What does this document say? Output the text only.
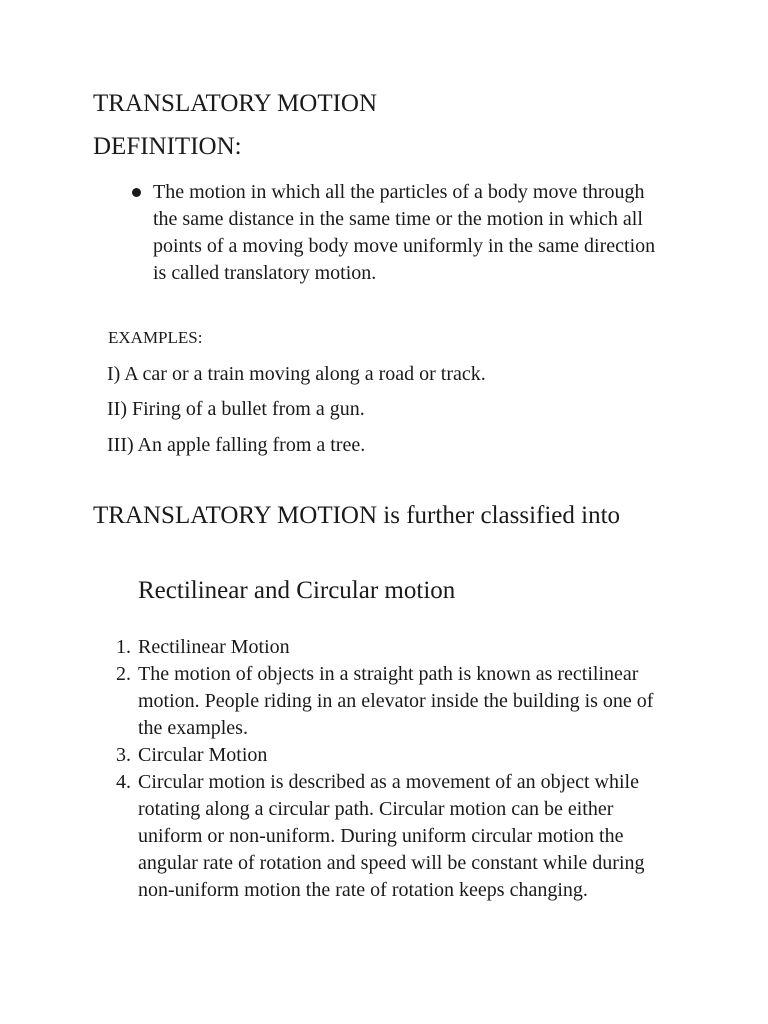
TRANSLATORY MOTION
DEFINITION:
The motion in which all the particles of a body move through the same distance in the same time or the motion in which all points of a moving body move uniformly in the same direction is called translatory motion.

EXAMPLES:

I) A car or a train moving along a road or track.

II) Firing of a bullet from a gun.

III) An apple falling from a tree.

TRANSLATORY MOTION is further classified into

Rectilinear and Circular motion

1. Rectilinear Motion
2. The motion of objects in a straight path is known as rectilinear motion. People riding in an elevator inside the building is one of the examples.
3. Circular Motion
4. Circular motion is described as a movement of an object while rotating along a circular path. Circular motion can be either uniform or non-uniform. During uniform circular motion the angular rate of rotation and speed will be constant while during non-uniform motion the rate of rotation keeps changing.
